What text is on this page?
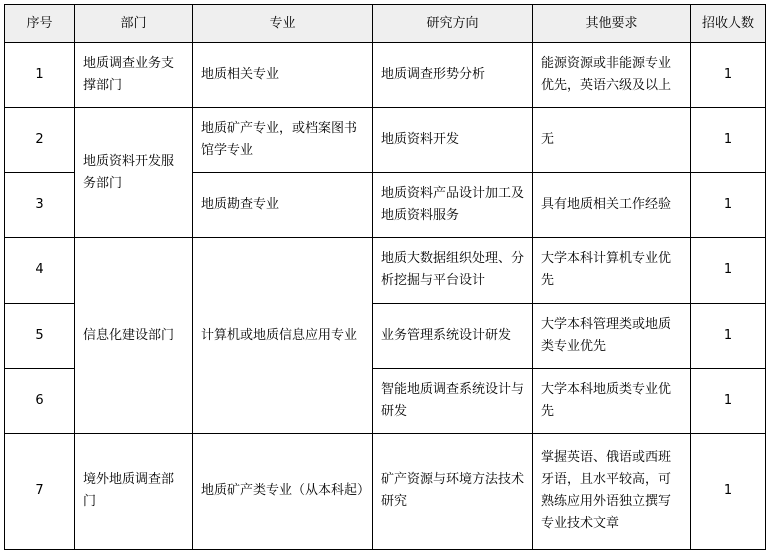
序号	部门	专业	研究方向	其他要求	招收人数
1	地质调查业务支撑部门	地质相关专业	地质调查形势分析	能源资源或非能源专业优先，英语六级及以上	1
2	地质资料开发服务部门	地质矿产专业，或档案图书馆学专业	地质资料开发	无	1
3		地质勘查专业	地质资料产品设计加工及地质资料服务	具有地质相关工作经验	1
4	信息化建设部门	计算机或地质信息应用专业	地质大数据组织处理、分析挖掘与平台设计	大学本科计算机专业优先	1
5			业务管理系统设计研发	大学本科管理类或地质类专业优先	1
6			智能地质调查系统设计与研发	大学本科地质类专业优先	1
7	境外地质调查部门	地质矿产类专业（从本科起）	矿产资源与环境方法技术研究	掌握英语、俄语或西班牙语，且水平较高，可熟练应用外语独立撰写专业技术文章	1
